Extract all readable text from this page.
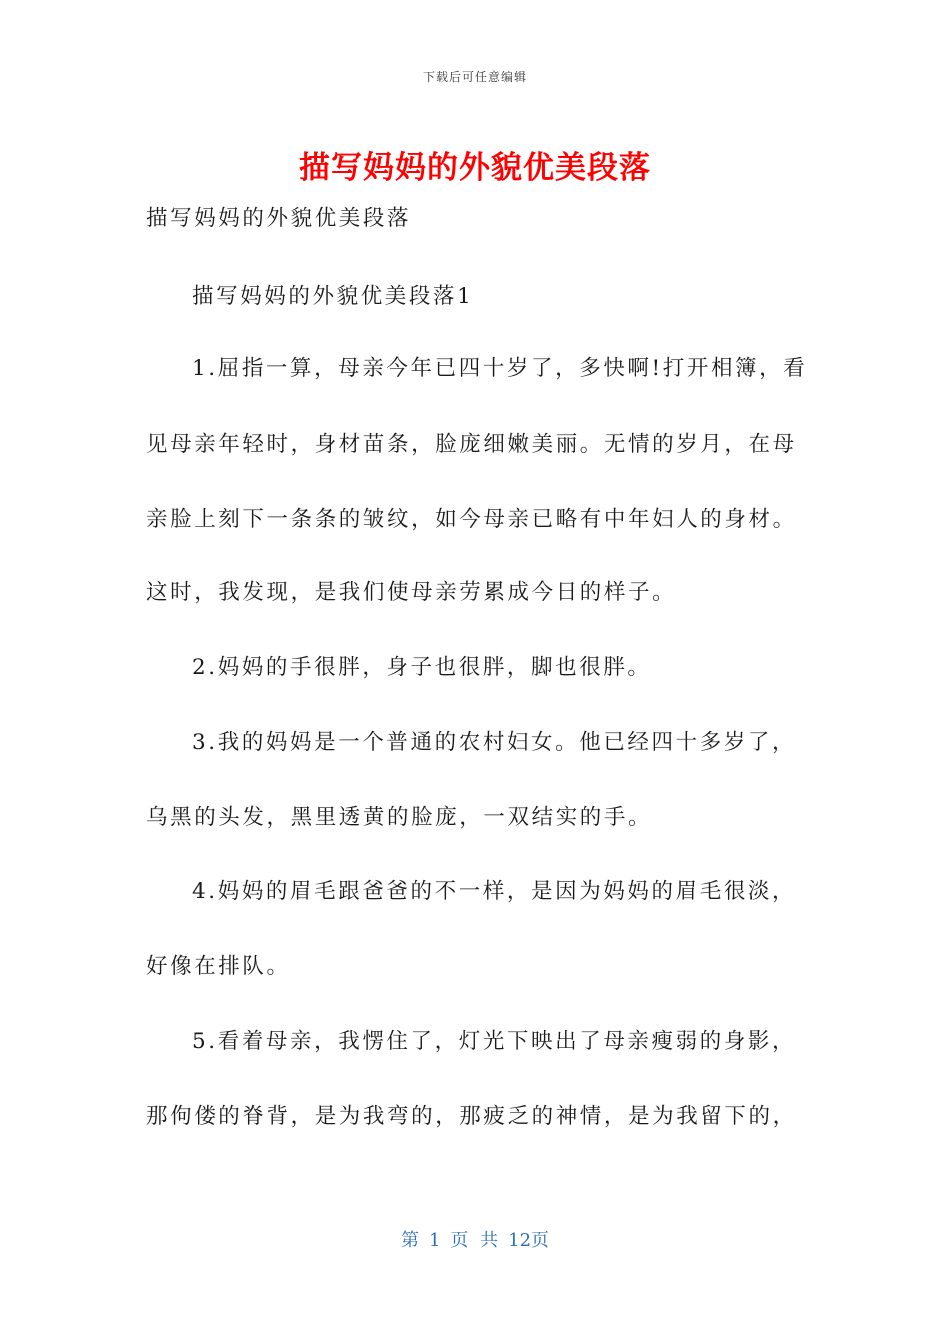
下载后可任意编辑
描写妈妈的外貌优美段落
描写妈妈的外貌优美段落
描写妈妈的外貌优美段落1
1.屈指一算，母亲今年已四十岁了，多快啊!打开相簿，看
见母亲年轻时，身材苗条，脸庞细嫩美丽。无情的岁月，在母
亲脸上刻下一条条的皱纹，如今母亲已略有中年妇人的身材。
这时，我发现，是我们使母亲劳累成今日的样子。
2.妈妈的手很胖，身子也很胖，脚也很胖。
3.我的妈妈是一个普通的农村妇女。他已经四十多岁了，
乌黑的头发，黑里透黄的脸庞，一双结实的手。
4.妈妈的眉毛跟爸爸的不一样，是因为妈妈的眉毛很淡，
好像在排队。
5.看着母亲，我愣住了，灯光下映出了母亲瘦弱的身影，
那佝偻的脊背，是为我弯的，那疲乏的神情，是为我留下的，
第 1 页 共 12页
